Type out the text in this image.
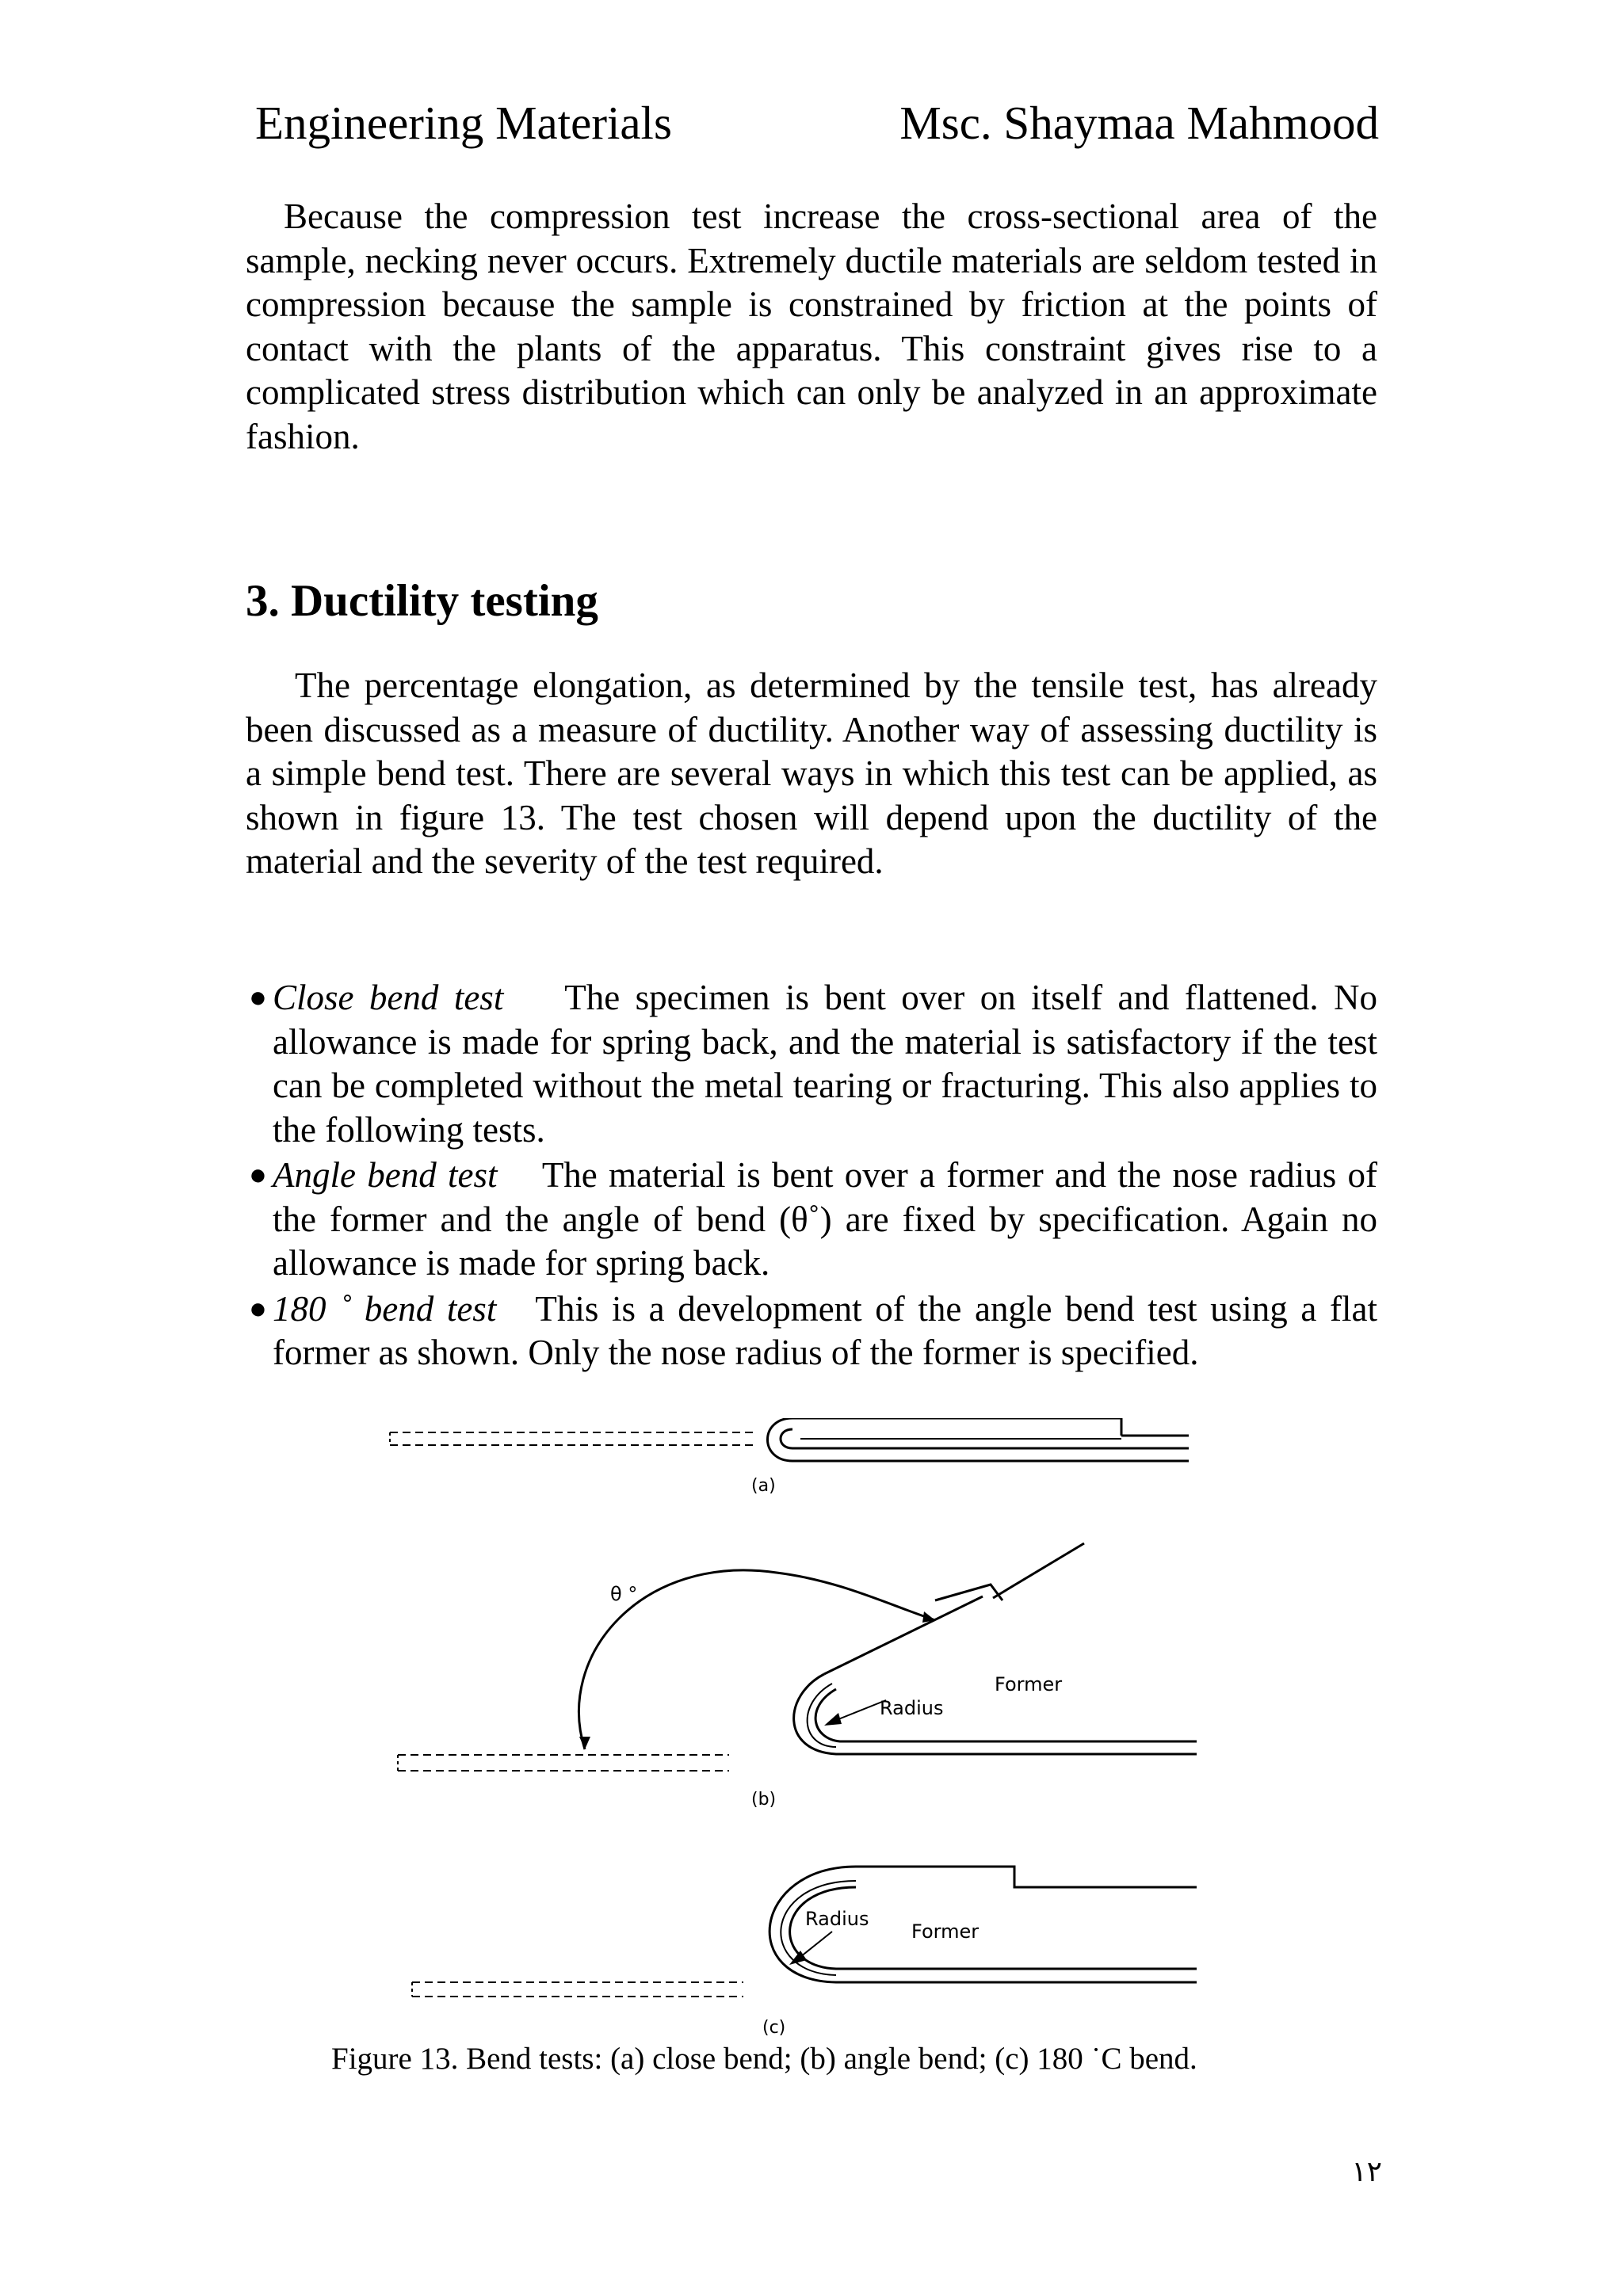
Engineering Materials	Msc. Shaymaa Mahmood
Because the compression test increase the cross-sectional area of the sample, necking never occurs. Extremely ductile materials are seldom tested in compression because the sample is constrained by friction at the points of contact with the plants of the apparatus. This constraint gives rise to a complicated stress distribution which can only be analyzed in an approximate fashion.
3. Ductility testing
The percentage elongation, as determined by the tensile test, has already been discussed as a measure of ductility. Another way of assessing ductility is a simple bend test. There are several ways in which this test can be applied, as shown in figure 13. The test chosen will depend upon the ductility of the material and the severity of the test required.
● Close bend test The specimen is bent over on itself and flattened. No allowance is made for spring back, and the material is satisfactory if the test can be completed without the metal tearing or fracturing. This also applies to the following tests.
● Angle bend test The material is bent over a former and the nose radius of the former and the angle of bend (θ˚) are fixed by specification. Again no allowance is made for spring back.
● 180 ˚ bend test This is a development of the angle bend test using a flat former as shown. Only the nose radius of the former is specified.
(a)
θ °
Radius
Former
(b)
Radius
Former
(c)
Figure 13. Bend tests: (a) close bend; (b) angle bend; (c) 180 ˙C bend.
١٢
